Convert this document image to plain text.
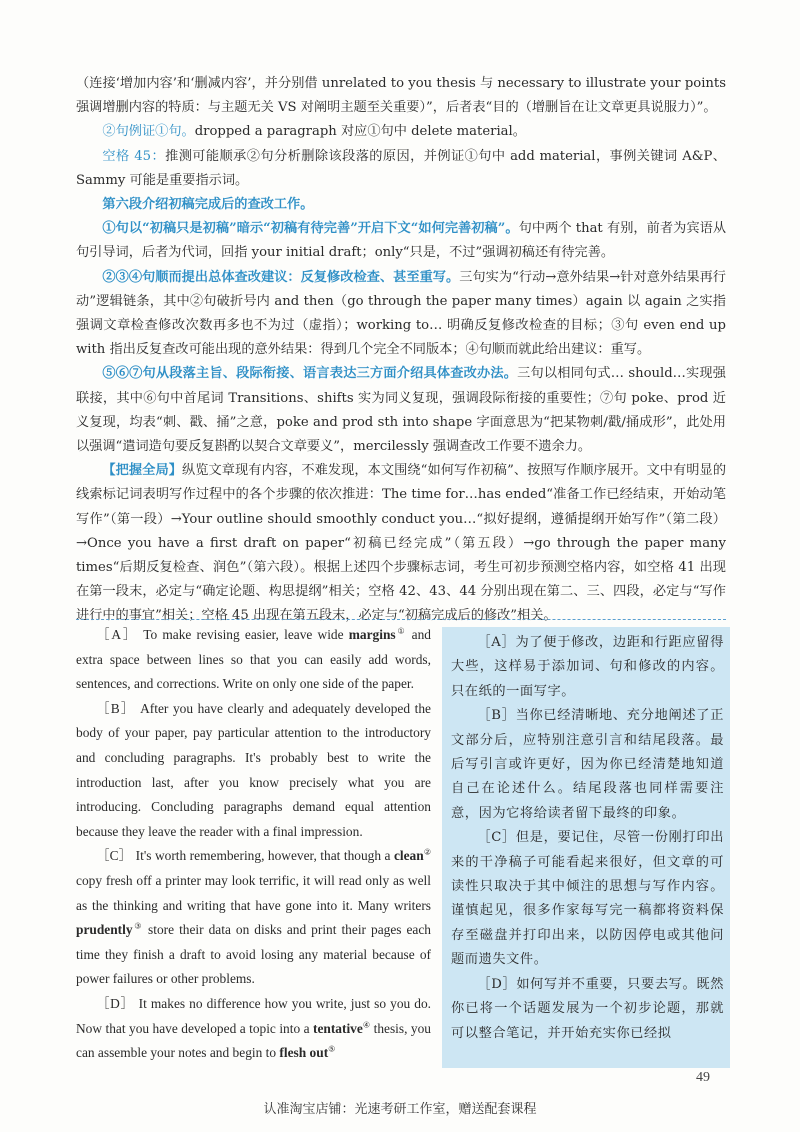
（连接‘增加内容’和‘删减内容’，并分别借 unrelated to you thesis 与 necessary to illustrate your points 强调增删内容的特质：与主题无关 VS 对阐明主题至关重要）”，后者表“目的（增删旨在让文章更具说服力）”。

②句例证①句。dropped a paragraph 对应①句中 delete material。

空格 45：推测可能顺承②句分析删除该段落的原因，并例证①句中 add material，事例关键词 A&P、Sammy 可能是重要指示词。

第六段介绍初稿完成后的查改工作。

①句以“初稿只是初稿”暗示“初稿有待完善”开启下文“如何完善初稿”。句中两个 that 有别，前者为宾语从句引导词，后者为代词，回指 your initial draft；only“只是，不过”强调初稿还有待完善。

②③④句顺而提出总体查改建议：反复修改检查、甚至重写。三句实为“行动→意外结果→针对意外结果再行动”逻辑链条，其中②句破折号内 and then（go through the paper many times）again 以 again 之实指强调文章检查修改次数再多也不为过（虚指）；working to… 明确反复修改检查的目标；③句 even end up with 指出反复查改可能出现的意外结果：得到几个完全不同版本；④句顺而就此给出建议：重写。

⑤⑥⑦句从段落主旨、段际衔接、语言表达三方面介绍具体查改办法。三句以相同句式… should…实现强联接，其中⑥句中首尾词 Transitions、shifts 实为同义复现，强调段际衔接的重要性；⑦句 poke、prod 近义复现，均表“刺、戳、捅”之意，poke and prod sth into shape 字面意思为“把某物刺/戳/捅成形”，此处用以强调“遣词造句要反复斟酌以契合文章要义”，mercilessly 强调查改工作要不遗余力。

【把握全局】纵览文章现有内容，不难发现，本文围绕“如何写作初稿”、按照写作顺序展开。文中有明显的线索标记词表明写作过程中的各个步骤的依次推进：The time for…has ended“准备工作已经结束，开始动笔写作”（第一段）→Your outline should smoothly conduct you…“拟好提纲，遵循提纲开始写作”（第二段）→Once you have a first draft on paper“初稿已经完成”（第五段）→go through the paper many times“后期反复检查、润色”（第六段）。根据上述四个步骤标志词，考生可初步预测空格内容，如空格 41 出现在第一段末，必定与“确定论题、构思提纲”相关；空格 42、43、44 分别出现在第二、三、四段，必定与“写作进行中的事宜”相关；空格 45 出现在第五段末，必定与“初稿完成后的修改”相关。

［A］ To make revising easier, leave wide margins① and extra space between lines so that you can easily add words, sentences, and corrections. Write on only one side of the paper.

［B］ After you have clearly and adequately developed the body of your paper, pay particular attention to the introductory and concluding paragraphs. It's probably best to write the introduction last, after you know precisely what you are introducing. Concluding paragraphs demand equal attention because they leave the reader with a final impression.

［C］ It's worth remembering, however, that though a clean② copy fresh off a printer may look terrific, it will read only as well as the thinking and writing that have gone into it. Many writers prudently③ store their data on disks and print their pages each time they finish a draft to avoid losing any material because of power failures or other problems.

［D］ It makes no difference how you write, just so you do. Now that you have developed a topic into a tentative④ thesis, you can assemble your notes and begin to flesh out⑤

［A］为了便于修改，边距和行距应留得大些，这样易于添加词、句和修改的内容。只在纸的一面写字。

［B］当你已经清晰地、充分地阐述了正文部分后，应特别注意引言和结尾段落。最后写引言或许更好，因为你已经清楚地知道自己在论述什么。结尾段落也同样需要注意，因为它将给读者留下最终的印象。

［C］但是，要记住，尽管一份刚打印出来的干净稿子可能看起来很好，但文章的可读性只取决于其中倾注的思想与写作内容。谨慎起见，很多作家每写完一稿都将资料保存至磁盘并打印出来，以防因停电或其他问题而遗失文件。

［D］如何写并不重要，只要去写。既然你已将一个话题发展为一个初步论题，那就可以整合笔记，并开始充实你已经拟

49
认准淘宝店铺：光速考研工作室，赠送配套课程
